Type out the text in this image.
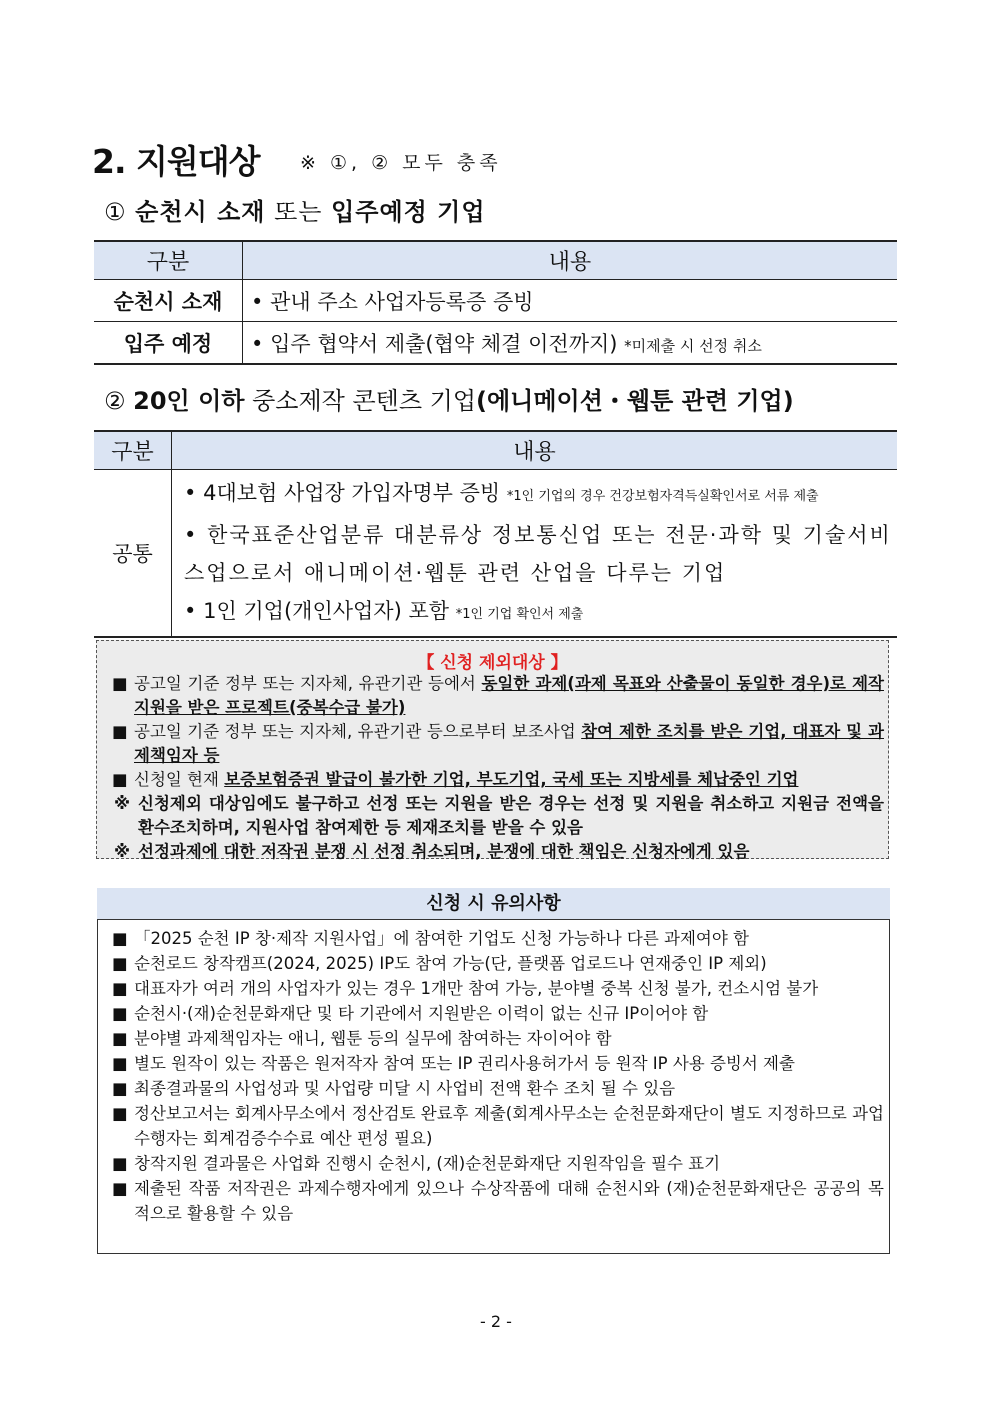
2. 지원대상 ※ ①, ② 모두 충족
① 순천시 소재 또는 입주예정 기업
구분	내용
순천시 소재	• 관내 주소 사업자등록증 증빙
입주 예정	• 입주 협약서 제출(협약 체결 이전까지) *미제출 시 선정 취소
② 20인 이하 중소제작 콘텐츠 기업(에니메이션・웹툰 관련 기업)
구분	내용
공통	• 4대보험 사업장 가입자명부 증빙 *1인 기업의 경우 건강보험자격득실확인서로 서류 제출
• 한국표준산업분류 대분류상 정보통신업 또는 전문·과학 및 기술서비스업으로서 애니메이션·웹툰 관련 산업을 다루는 기업
• 1인 기업(개인사업자) 포함 *1인 기업 확인서 제출
【 신청 제외대상 】
■ 공고일 기준 정부 또는 지자체, 유관기관 등에서 동일한 과제(과제 목표와 산출물이 동일한 경우)로 제작지원을 받은 프로젝트(중복수급 불가)
■ 공고일 기준 정부 또는 지자체, 유관기관 등으로부터 보조사업 참여 제한 조치를 받은 기업, 대표자 및 과제책임자 등
■ 신청일 현재 보증보험증권 발급이 불가한 기업, 부도기업, 국세 또는 지방세를 체납중인 기업
※ 신청제외 대상임에도 불구하고 선정 또는 지원을 받은 경우는 선정 및 지원을 취소하고 지원금 전액을 환수조치하며, 지원사업 참여제한 등 제재조치를 받을 수 있음
※ 선정과제에 대한 저작권 분쟁 시 선정 취소되며, 분쟁에 대한 책임은 신청자에게 있음
신청 시 유의사항
■ 「2025 순천 IP 창·제작 지원사업」에 참여한 기업도 신청 가능하나 다른 과제여야 함
■ 순천로드 창작캠프(2024, 2025) IP도 참여 가능(단, 플랫폼 업로드나 연재중인 IP 제외)
■ 대표자가 여러 개의 사업자가 있는 경우 1개만 참여 가능, 분야별 중복 신청 불가, 컨소시엄 불가
■ 순천시·(재)순천문화재단 및 타 기관에서 지원받은 이력이 없는 신규 IP이어야 함
■ 분야별 과제책임자는 애니, 웹툰 등의 실무에 참여하는 자이어야 함
■ 별도 원작이 있는 작품은 원저작자 참여 또는 IP 권리사용허가서 등 원작 IP 사용 증빙서 제출
■ 최종결과물의 사업성과 및 사업량 미달 시 사업비 전액 환수 조치 될 수 있음
■ 정산보고서는 회계사무소에서 정산검토 완료후 제출(회계사무소는 순천문화재단이 별도 지정하므로 과업수행자는 회계검증수수료 예산 편성 필요)
■ 창작지원 결과물은 사업화 진행시 순천시, (재)순천문화재단 지원작임을 필수 표기
■ 제출된 작품 저작권은 과제수행자에게 있으나 수상작품에 대해 순천시와 (재)순천문화재단은 공공의 목적으로 활용할 수 있음
- 2 -
